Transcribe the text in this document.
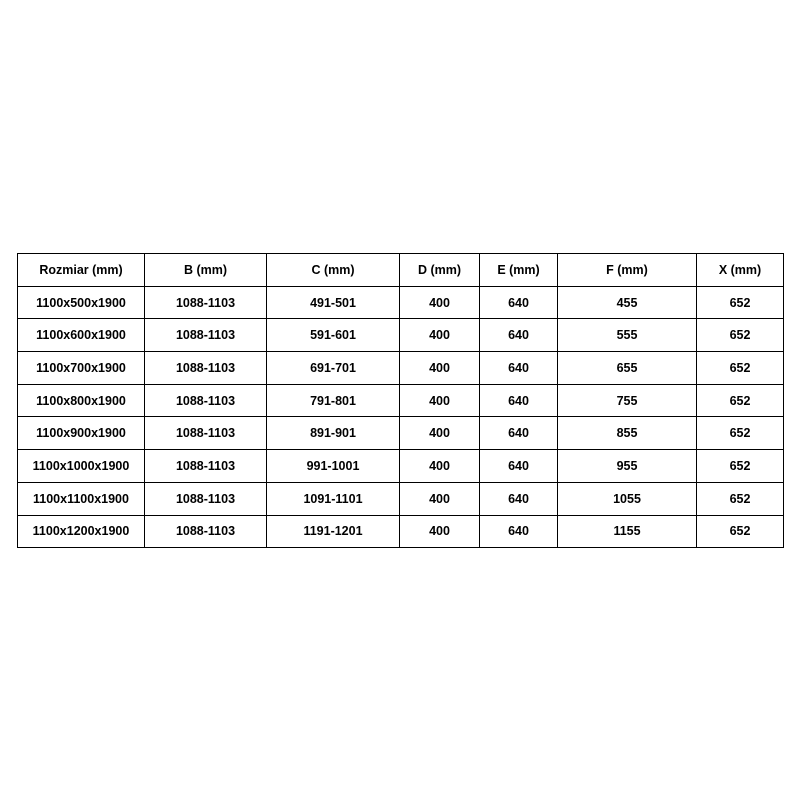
Rozmiar (mm)	B (mm)	C (mm)	D (mm)	E (mm)	F (mm)	X (mm)
1100x500x1900	1088-1103	491-501	400	640	455	652
1100x600x1900	1088-1103	591-601	400	640	555	652
1100x700x1900	1088-1103	691-701	400	640	655	652
1100x800x1900	1088-1103	791-801	400	640	755	652
1100x900x1900	1088-1103	891-901	400	640	855	652
1100x1000x1900	1088-1103	991-1001	400	640	955	652
1100x1100x1900	1088-1103	1091-1101	400	640	1055	652
1100x1200x1900	1088-1103	1191-1201	400	640	1155	652
